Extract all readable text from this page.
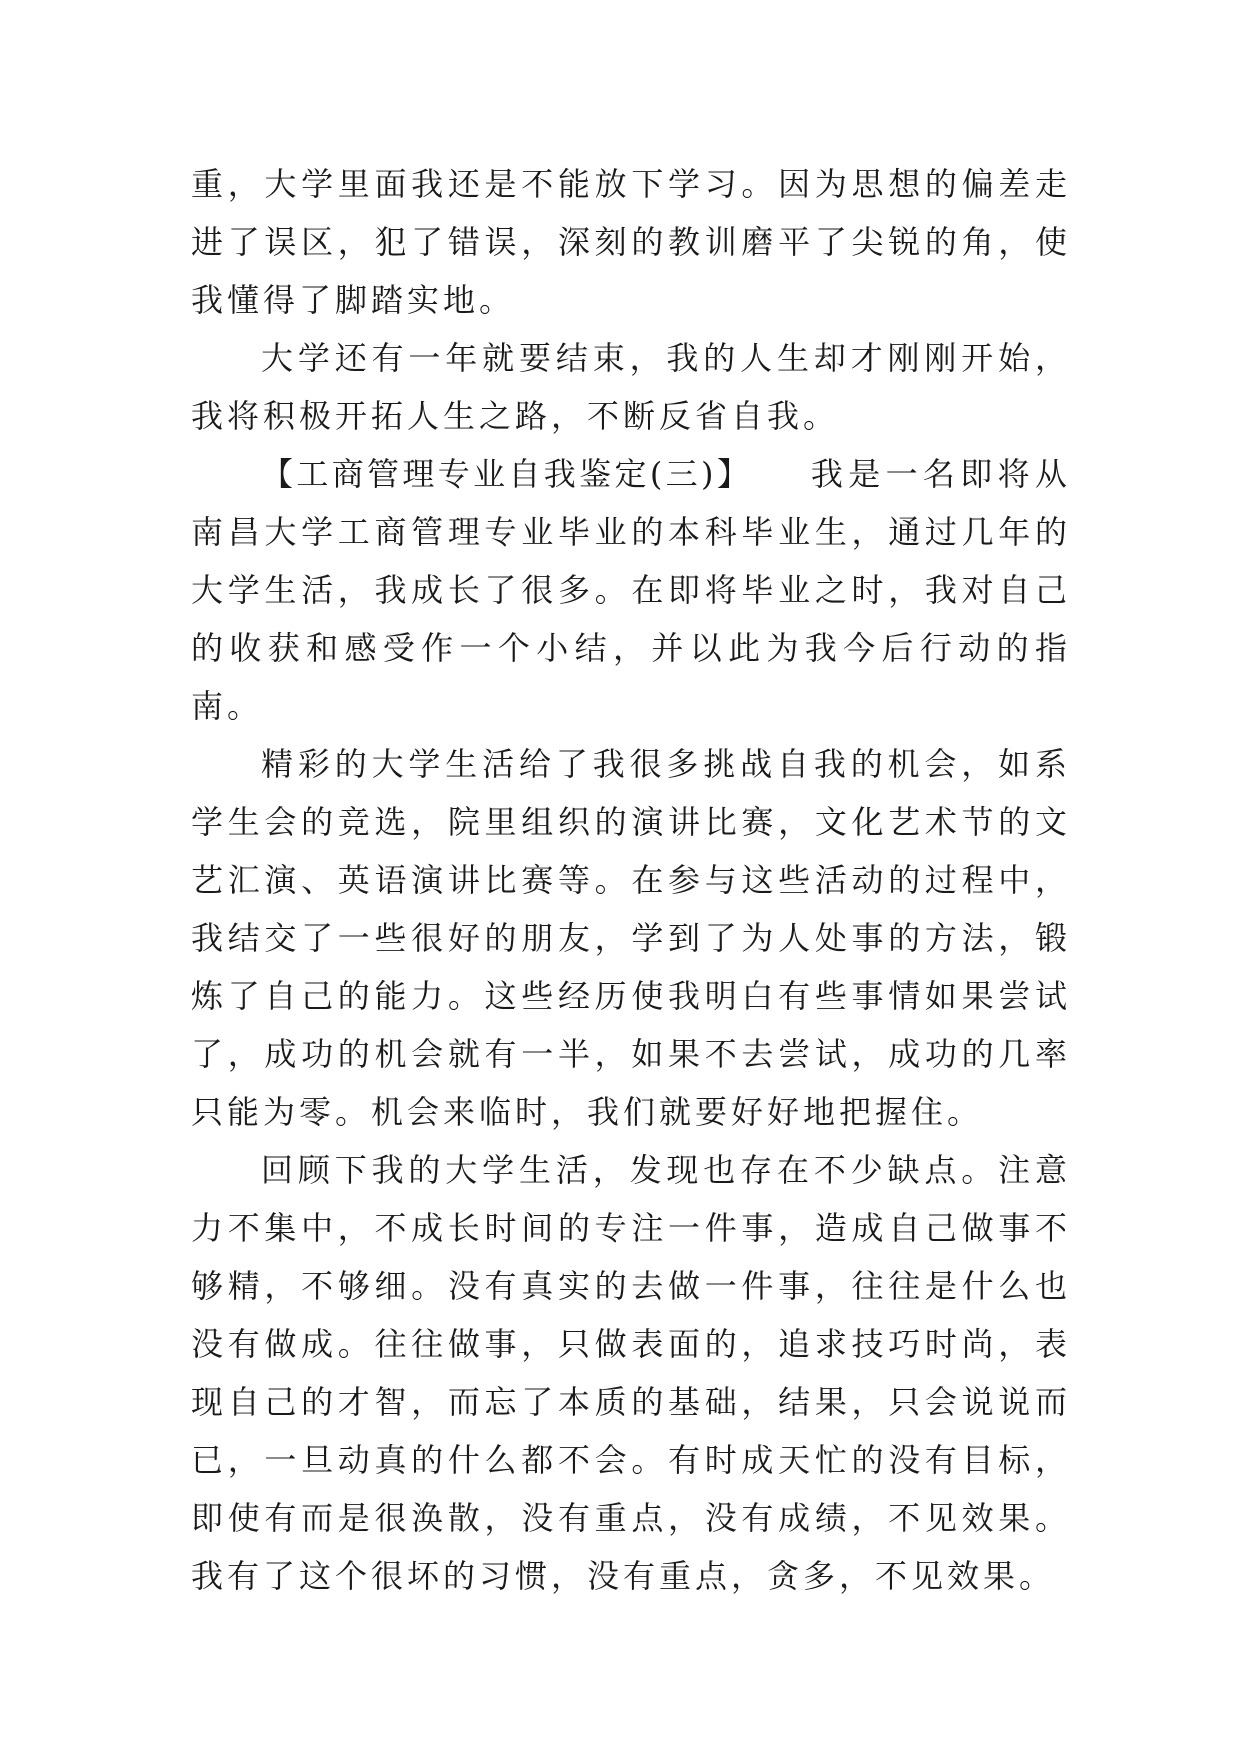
重，大学里面我还是不能放下学习。因为思想的偏差走进了误区，犯了错误，深刻的教训磨平了尖锐的角，使我懂得了脚踏实地。

大学还有一年就要结束，我的人生却才刚刚开始，我将积极开拓人生之路，不断反省自我。

【工商管理专业自我鉴定(三)】　　我是一名即将从南昌大学工商管理专业毕业的本科毕业生，通过几年的大学生活，我成长了很多。在即将毕业之时，我对自己的收获和感受作一个小结，并以此为我今后行动的指南。

精彩的大学生活给了我很多挑战自我的机会，如系学生会的竞选，院里组织的演讲比赛，文化艺术节的文艺汇演、英语演讲比赛等。在参与这些活动的过程中，我结交了一些很好的朋友，学到了为人处事的方法，锻炼了自己的能力。这些经历使我明白有些事情如果尝试了，成功的机会就有一半，如果不去尝试，成功的几率只能为零。机会来临时，我们就要好好地把握住。

回顾下我的大学生活，发现也存在不少缺点。注意力不集中，不成长时间的专注一件事，造成自己做事不够精，不够细。没有真实的去做一件事，往往是什么也没有做成。往往做事，只做表面的，追求技巧时尚，表现自己的才智，而忘了本质的基础，结果，只会说说而已，一旦动真的什么都不会。有时成天忙的没有目标，即使有而是很涣散，没有重点，没有成绩，不见效果。我有了这个很坏的习惯，没有重点，贪多，不见效果。
